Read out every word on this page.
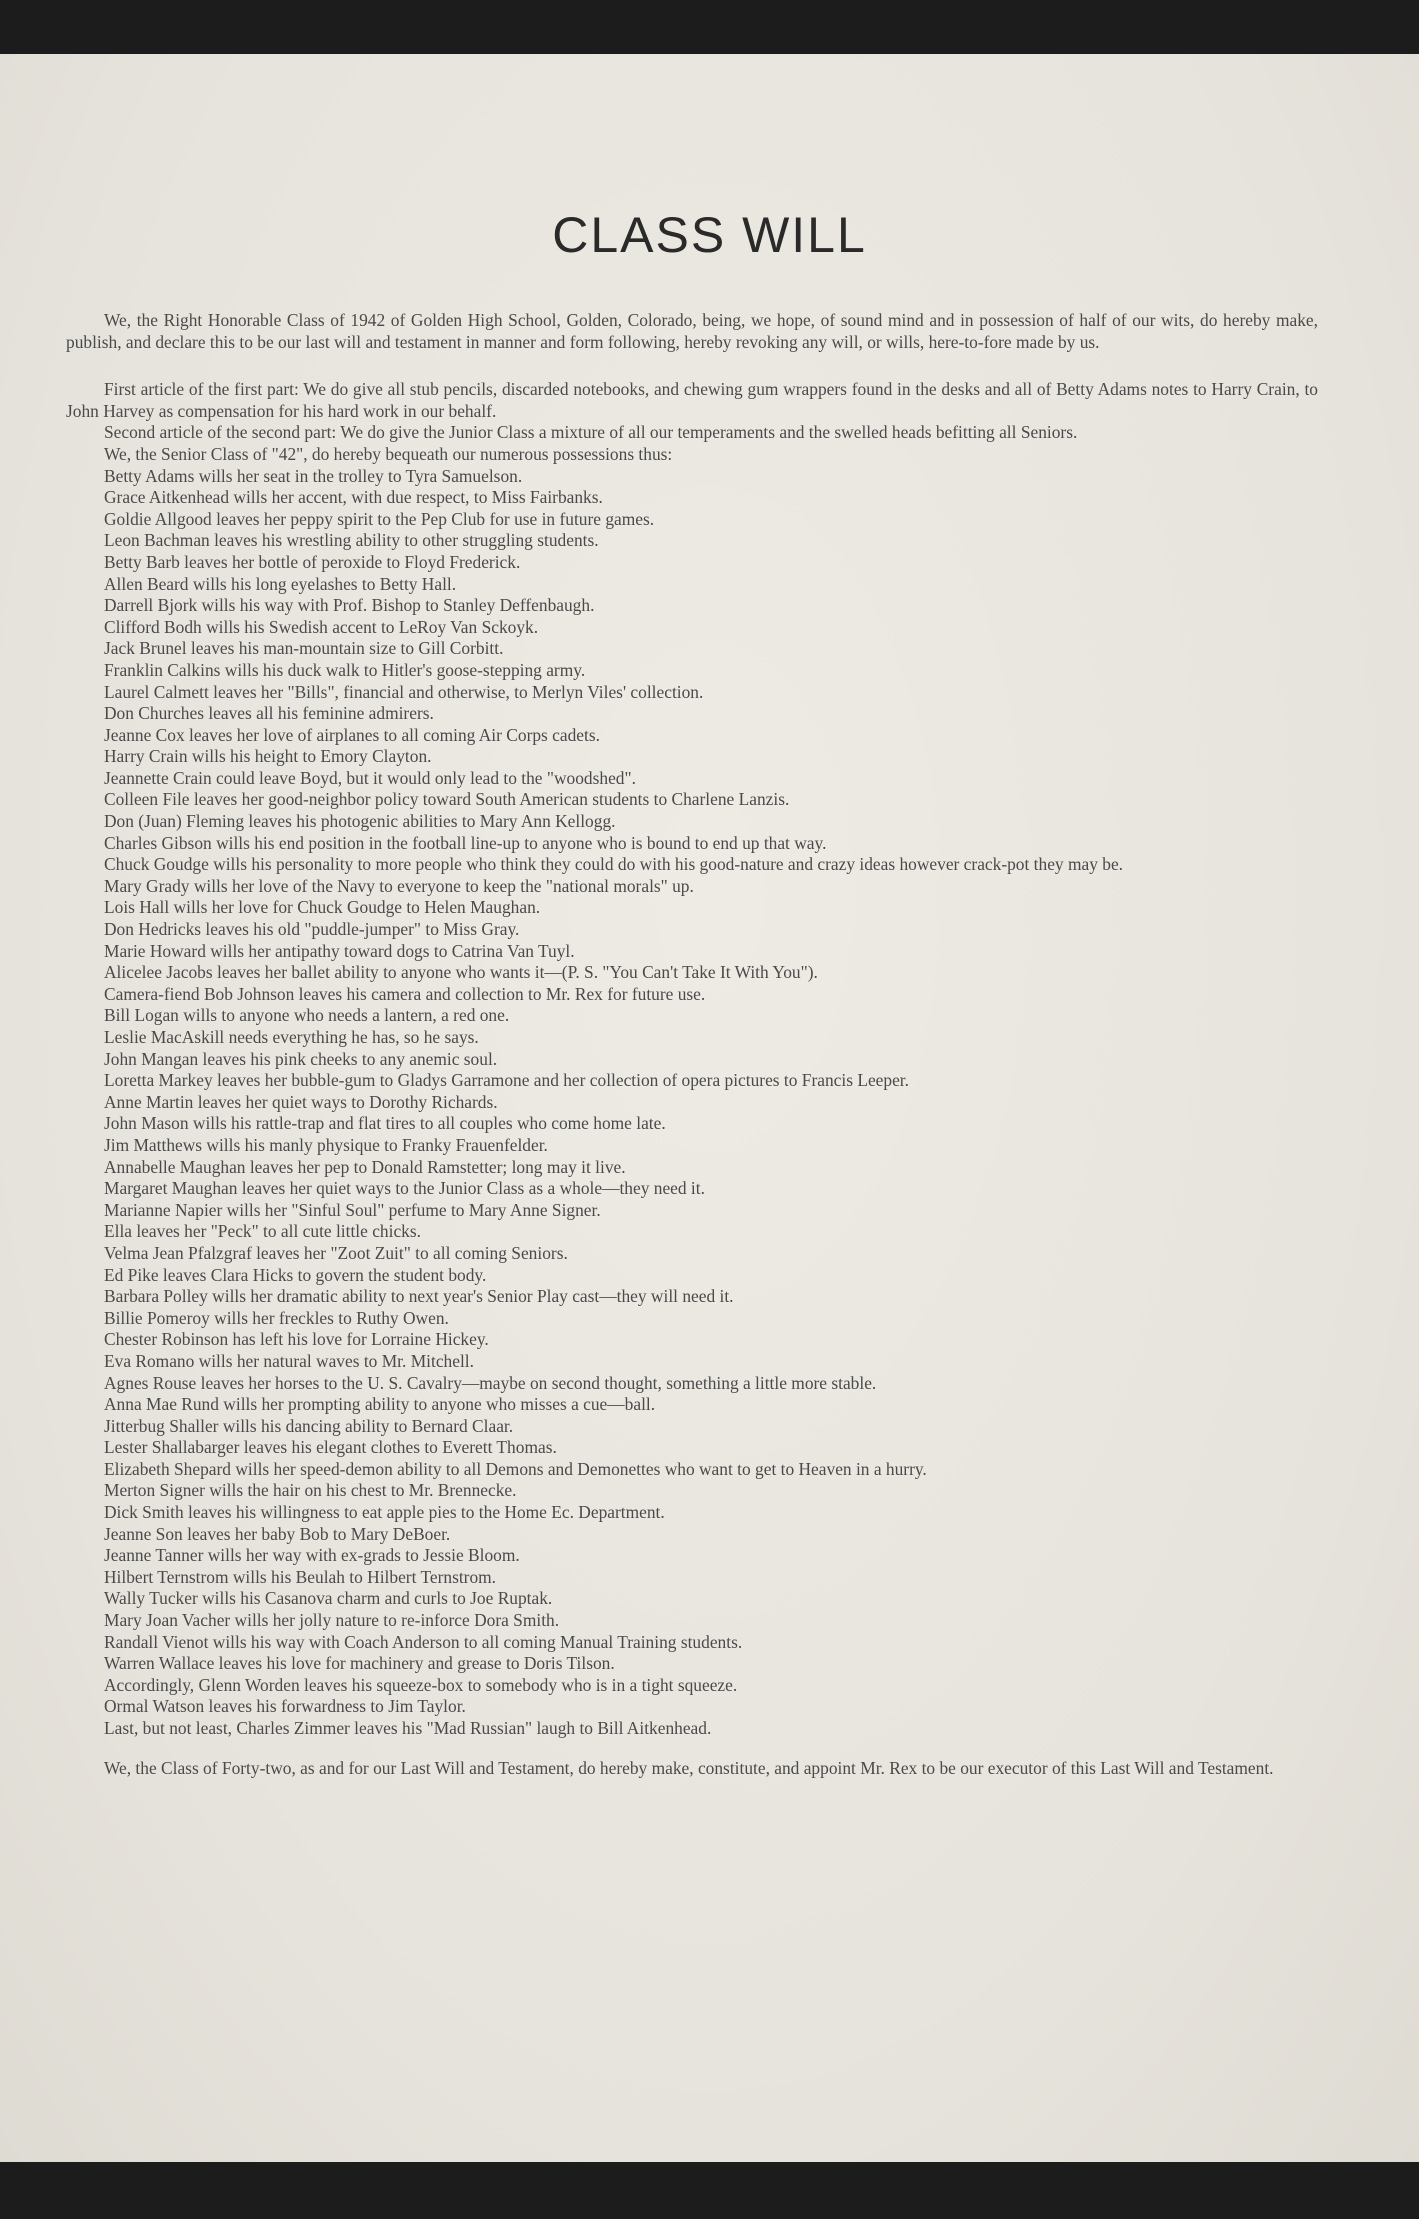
CLASS WILL

We, the Right Honorable Class of 1942 of Golden High School, Golden, Colorado, being, we hope, of sound mind and in possession of half of our wits, do hereby make, publish, and declare this to be our last will and testament in manner and form following, hereby revoking any will, or wills, here-to-fore made by us.

First article of the first part: We do give all stub pencils, discarded notebooks, and chewing gum wrappers found in the desks and all of Betty Adams notes to Harry Crain, to John Harvey as compensation for his hard work in our behalf.

Second article of the second part: We do give the Junior Class a mixture of all our temperaments and the swelled heads befitting all Seniors.

We, the Senior Class of "42", do hereby bequeath our numerous possessions thus:

Betty Adams wills her seat in the trolley to Tyra Samuelson.
Grace Aitkenhead wills her accent, with due respect, to Miss Fairbanks.
Goldie Allgood leaves her peppy spirit to the Pep Club for use in future games.
Leon Bachman leaves his wrestling ability to other struggling students.
Betty Barb leaves her bottle of peroxide to Floyd Frederick.
Allen Beard wills his long eyelashes to Betty Hall.
Darrell Bjork wills his way with Prof. Bishop to Stanley Deffenbaugh.
Clifford Bodh wills his Swedish accent to LeRoy Van Sckoyk.
Jack Brunel leaves his man-mountain size to Gill Corbitt.
Franklin Calkins wills his duck walk to Hitler's goose-stepping army.
Laurel Calmett leaves her "Bills", financial and otherwise, to Merlyn Viles' collection.
Don Churches leaves all his feminine admirers.
Jeanne Cox leaves her love of airplanes to all coming Air Corps cadets.
Harry Crain wills his height to Emory Clayton.
Jeannette Crain could leave Boyd, but it would only lead to the "woodshed".
Colleen File leaves her good-neighbor policy toward South American students to Charlene Lanzis.
Don (Juan) Fleming leaves his photogenic abilities to Mary Ann Kellogg.
Charles Gibson wills his end position in the football line-up to anyone who is bound to end up that way.
Chuck Goudge wills his personality to more people who think they could do with his good-nature and crazy ideas however crack-pot they may be.
Mary Grady wills her love of the Navy to everyone to keep the "national morals" up.
Lois Hall wills her love for Chuck Goudge to Helen Maughan.
Don Hedricks leaves his old "puddle-jumper" to Miss Gray.
Marie Howard wills her antipathy toward dogs to Catrina Van Tuyl.
Alicelee Jacobs leaves her ballet ability to anyone who wants it—(P. S. "You Can't Take It With You").
Camera-fiend Bob Johnson leaves his camera and collection to Mr. Rex for future use.
Bill Logan wills to anyone who needs a lantern, a red one.
Leslie MacAskill needs everything he has, so he says.
John Mangan leaves his pink cheeks to any anemic soul.
Loretta Markey leaves her bubble-gum to Gladys Garramone and her collection of opera pictures to Francis Leeper.
Anne Martin leaves her quiet ways to Dorothy Richards.
John Mason wills his rattle-trap and flat tires to all couples who come home late.
Jim Matthews wills his manly physique to Franky Frauenfelder.
Annabelle Maughan leaves her pep to Donald Ramstetter; long may it live.
Margaret Maughan leaves her quiet ways to the Junior Class as a whole—they need it.
Marianne Napier wills her "Sinful Soul" perfume to Mary Anne Signer.
Ella leaves her "Peck" to all cute little chicks.
Velma Jean Pfalzgraf leaves her "Zoot Zuit" to all coming Seniors.
Ed Pike leaves Clara Hicks to govern the student body.
Barbara Polley wills her dramatic ability to next year's Senior Play cast—they will need it.
Billie Pomeroy wills her freckles to Ruthy Owen.
Chester Robinson has left his love for Lorraine Hickey.
Eva Romano wills her natural waves to Mr. Mitchell.
Agnes Rouse leaves her horses to the U. S. Cavalry—maybe on second thought, something a little more stable.
Anna Mae Rund wills her prompting ability to anyone who misses a cue—ball.
Jitterbug Shaller wills his dancing ability to Bernard Claar.
Lester Shallabarger leaves his elegant clothes to Everett Thomas.
Elizabeth Shepard wills her speed-demon ability to all Demons and Demonettes who want to get to Heaven in a hurry.
Merton Signer wills the hair on his chest to Mr. Brennecke.
Dick Smith leaves his willingness to eat apple pies to the Home Ec. Department.
Jeanne Son leaves her baby Bob to Mary DeBoer.
Jeanne Tanner wills her way with ex-grads to Jessie Bloom.
Hilbert Ternstrom wills his Beulah to Hilbert Ternstrom.
Wally Tucker wills his Casanova charm and curls to Joe Ruptak.
Mary Joan Vacher wills her jolly nature to re-inforce Dora Smith.
Randall Vienot wills his way with Coach Anderson to all coming Manual Training students.
Warren Wallace leaves his love for machinery and grease to Doris Tilson.
Accordingly, Glenn Worden leaves his squeeze-box to somebody who is in a tight squeeze.
Ormal Watson leaves his forwardness to Jim Taylor.
Last, but not least, Charles Zimmer leaves his "Mad Russian" laugh to Bill Aitkenhead.

We, the Class of Forty-two, as and for our Last Will and Testament, do hereby make, constitute, and appoint Mr. Rex to be our executor of this Last Will and Testament.
